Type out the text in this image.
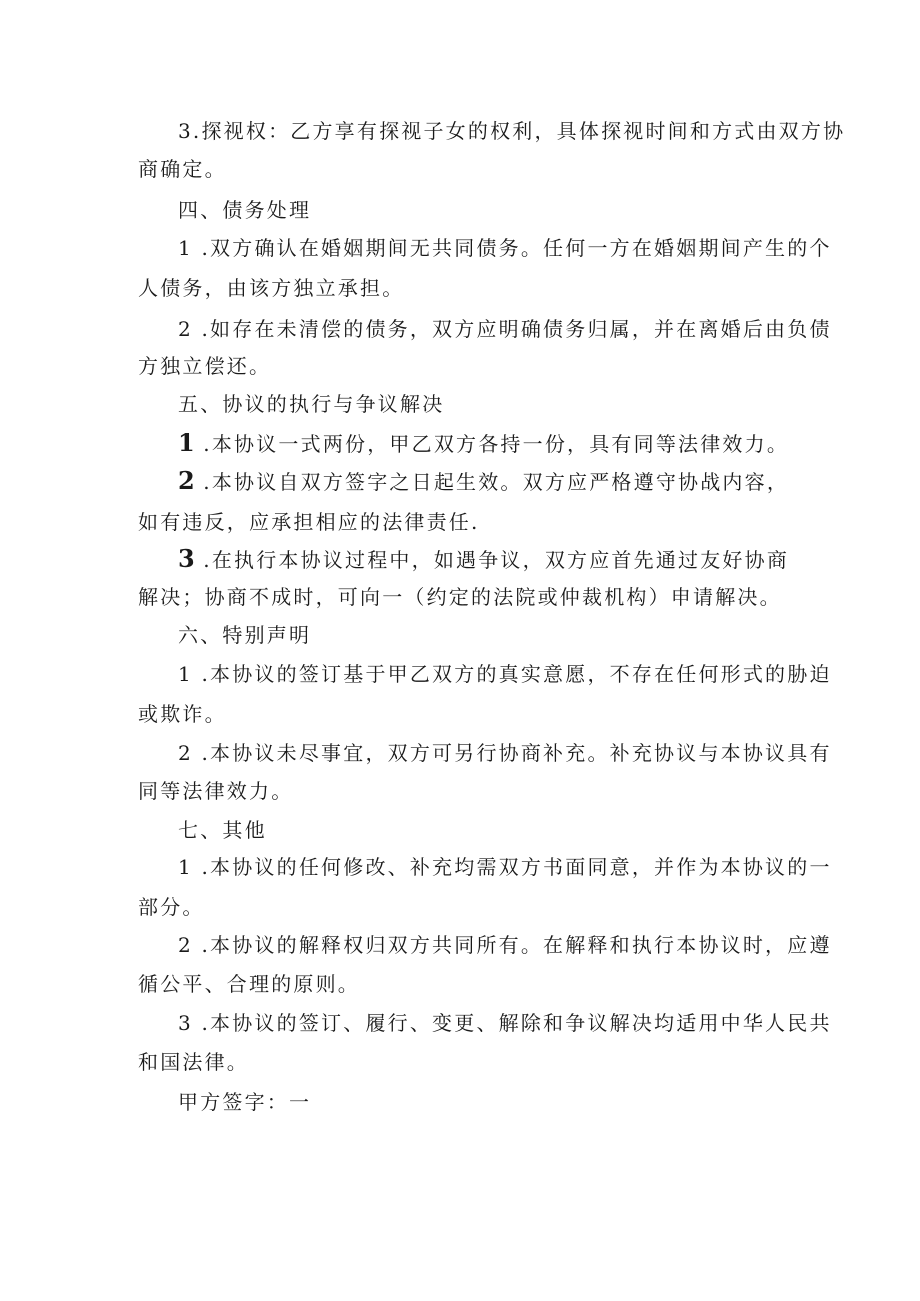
3.探视权：乙方享有探视子女的权利，具体探视时间和方式由双方协
商确定。
四、债务处理
1 .双方确认在婚姻期间无共同债务。任何一方在婚姻期间产生的个
人债务，由该方独立承担。
2 .如存在未清偿的债务，双方应明确债务归属，并在离婚后由负债
方独立偿还。
五、协议的执行与争议解决
1 .本协议一式两份，甲乙双方各持一份，具有同等法律效力。
2 .本协议自双方签字之日起生效。双方应严格遵守协战内容，
如有违反，应承担相应的法律责任.
3 .在执行本协议过程中，如遇争议，双方应首先通过友好协商
解决；协商不成时，可向一（约定的法院或仲裁机构）申请解决。
六、特别声明
1 .本协议的签订基于甲乙双方的真实意愿，不存在任何形式的胁迫
或欺诈。
2 .本协议未尽事宜，双方可另行协商补充。补充协议与本协议具有
同等法律效力。
七、其他
1 .本协议的任何修改、补充均需双方书面同意，并作为本协议的一
部分。
2 .本协议的解释权归双方共同所有。在解释和执行本协议时，应遵
循公平、合理的原则。
3 .本协议的签订、履行、变更、解除和争议解决均适用中华人民共
和国法律。
甲方签字：一
